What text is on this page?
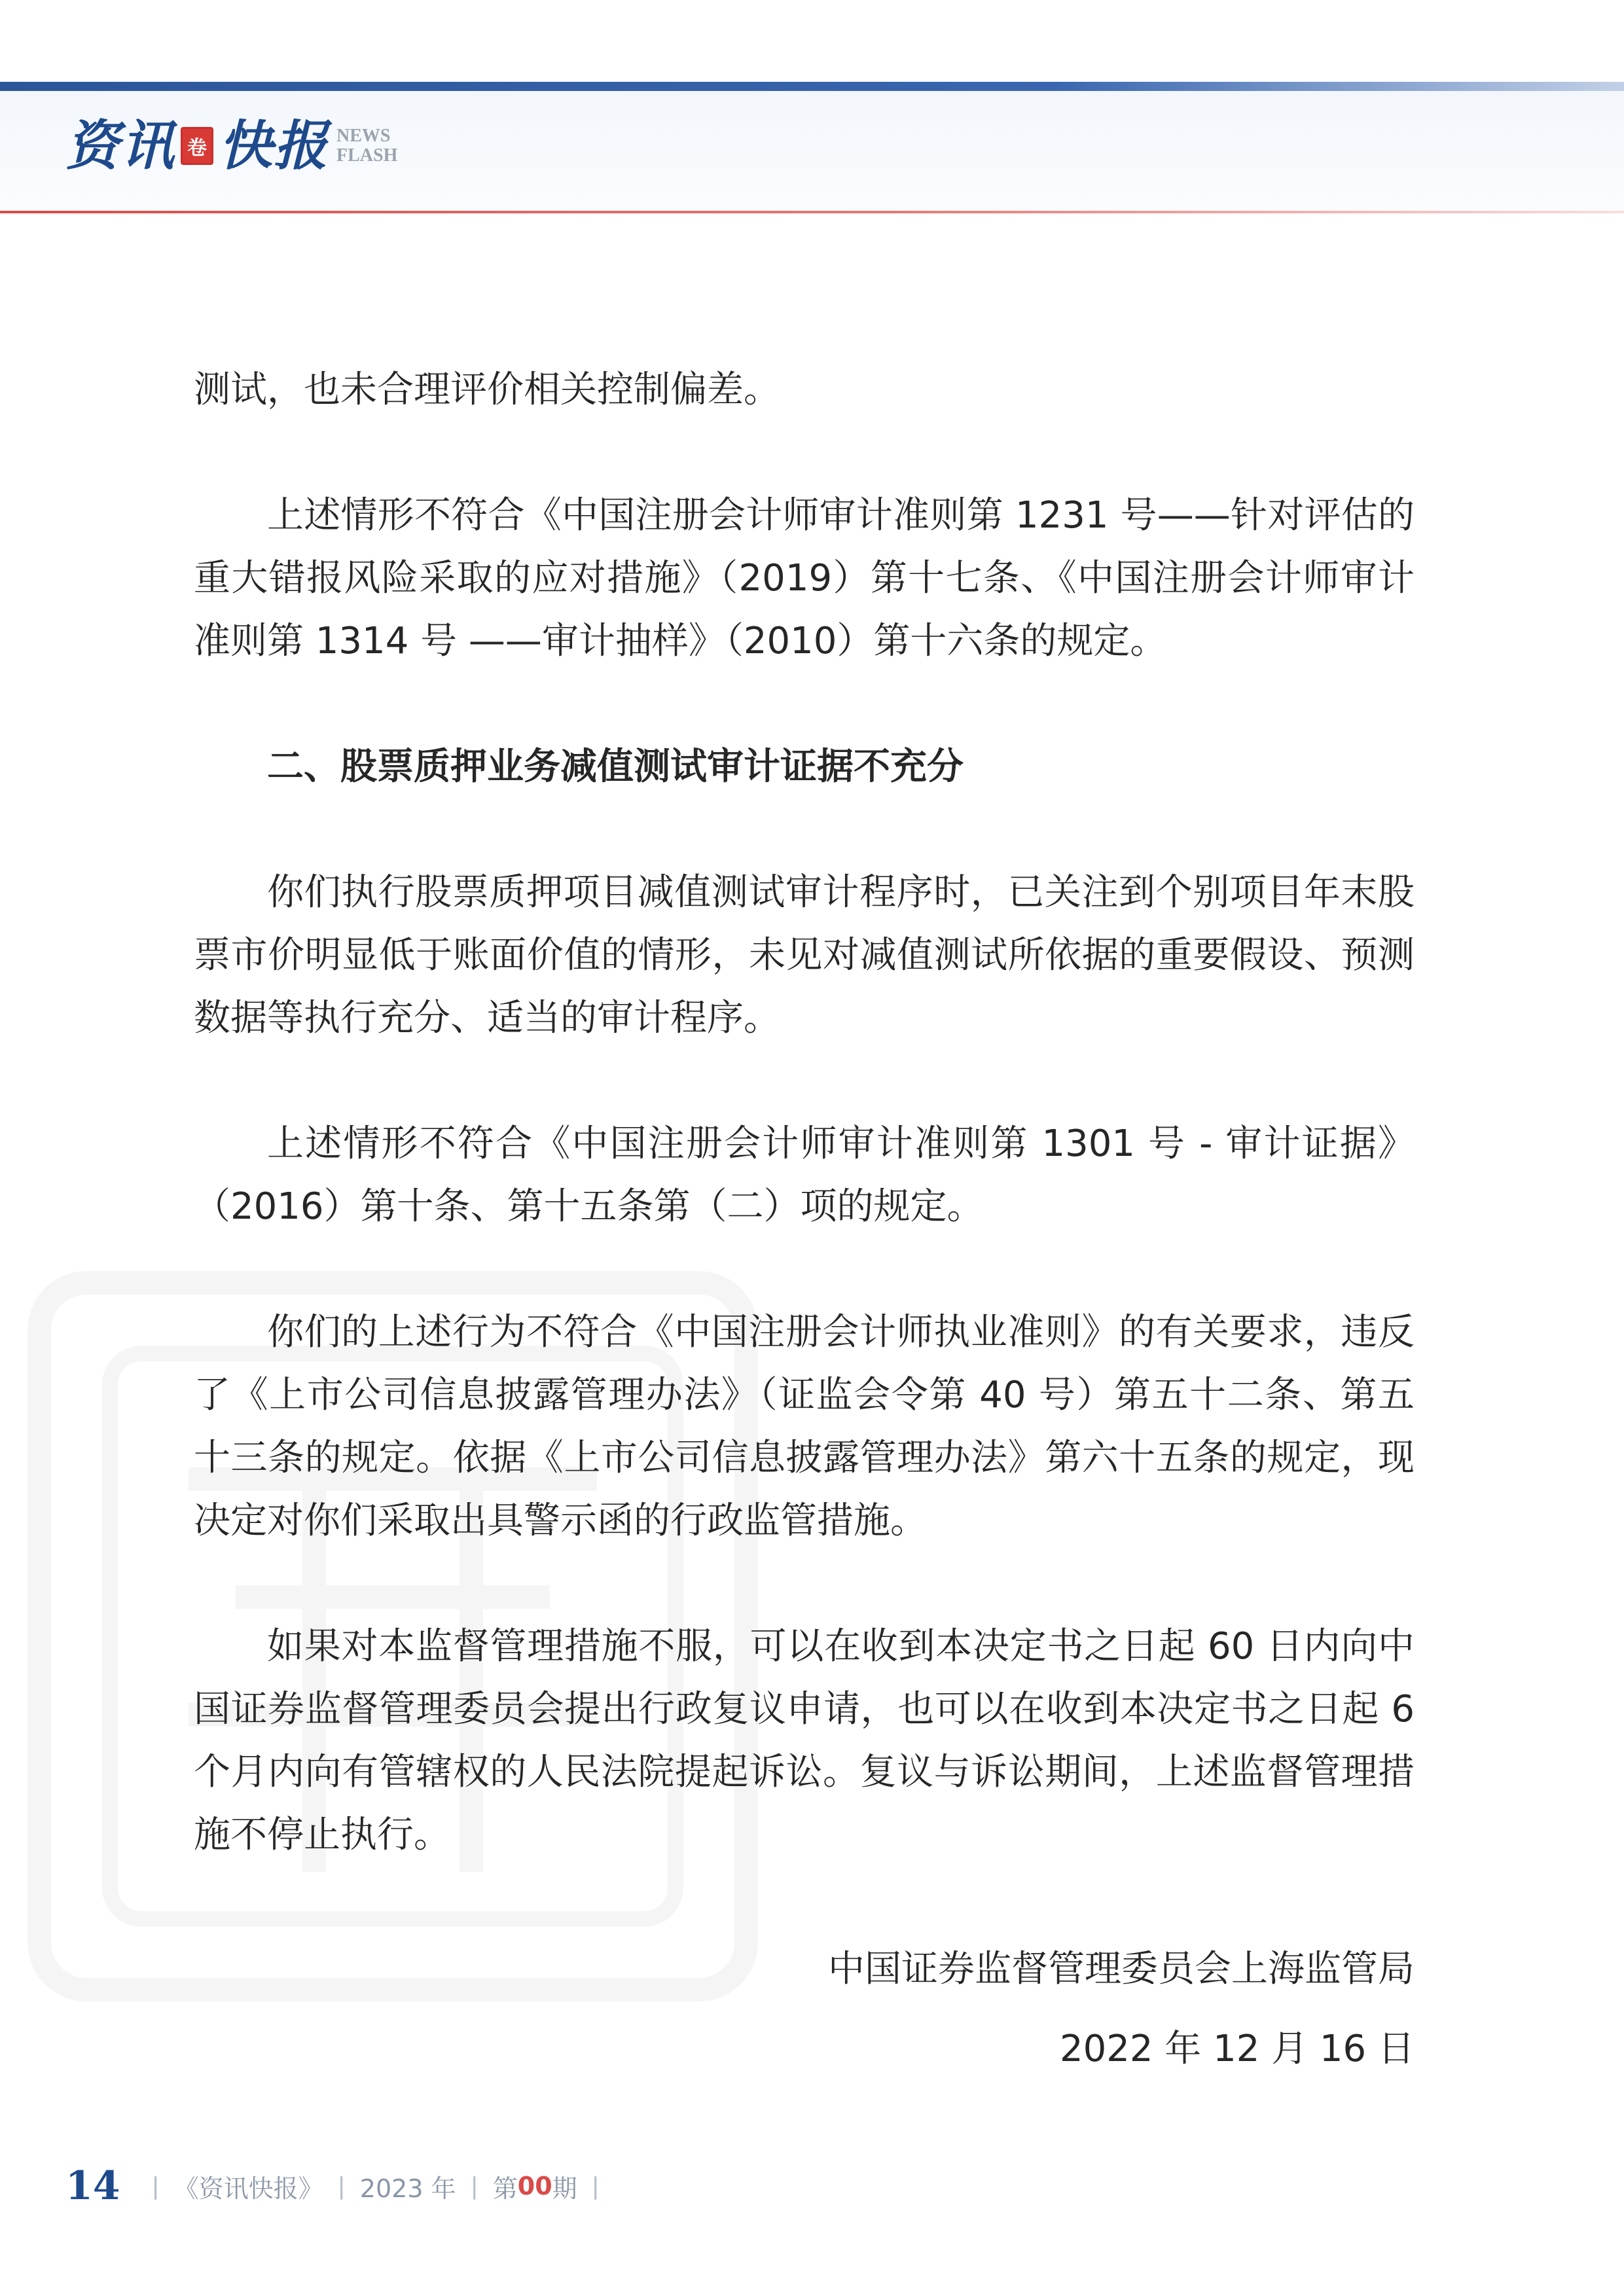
资讯 卷 快报 NEWS
FLASH

测试，也未合理评价相关控制偏差。

上述情形不符合《中国注册会计师审计准则第 1231 号——针对评估的重大错报风险采取的应对措施》（2019）第十七条、《中国注册会计师审计准则第 1314 号 ——审计抽样》（2010）第十六条的规定。

二、股票质押业务减值测试审计证据不充分

你们执行股票质押项目减值测试审计程序时，已关注到个别项目年末股票市价明显低于账面价值的情形，未见对减值测试所依据的重要假设、预测数据等执行充分、适当的审计程序。

上述情形不符合《中国注册会计师审计准则第 1301 号 - 审计证据》（2016）第十条、第十五条第（二）项的规定。

你们的上述行为不符合《中国注册会计师执业准则》的有关要求，违反了《上市公司信息披露管理办法》（证监会令第 40 号）第五十二条、第五十三条的规定。依据《上市公司信息披露管理办法》第六十五条的规定，现决定对你们采取出具警示函的行政监管措施。

如果对本监督管理措施不服，可以在收到本决定书之日起 60 日内向中国证券监督管理委员会提出行政复议申请，也可以在收到本决定书之日起 6 个月内向有管辖权的人民法院提起诉讼。复议与诉讼期间，上述监督管理措施不停止执行。

中国证券监督管理委员会上海监管局
2022 年 12 月 16 日
14 | 《资讯快报》 | 2023 年 | 第 00 期 |
